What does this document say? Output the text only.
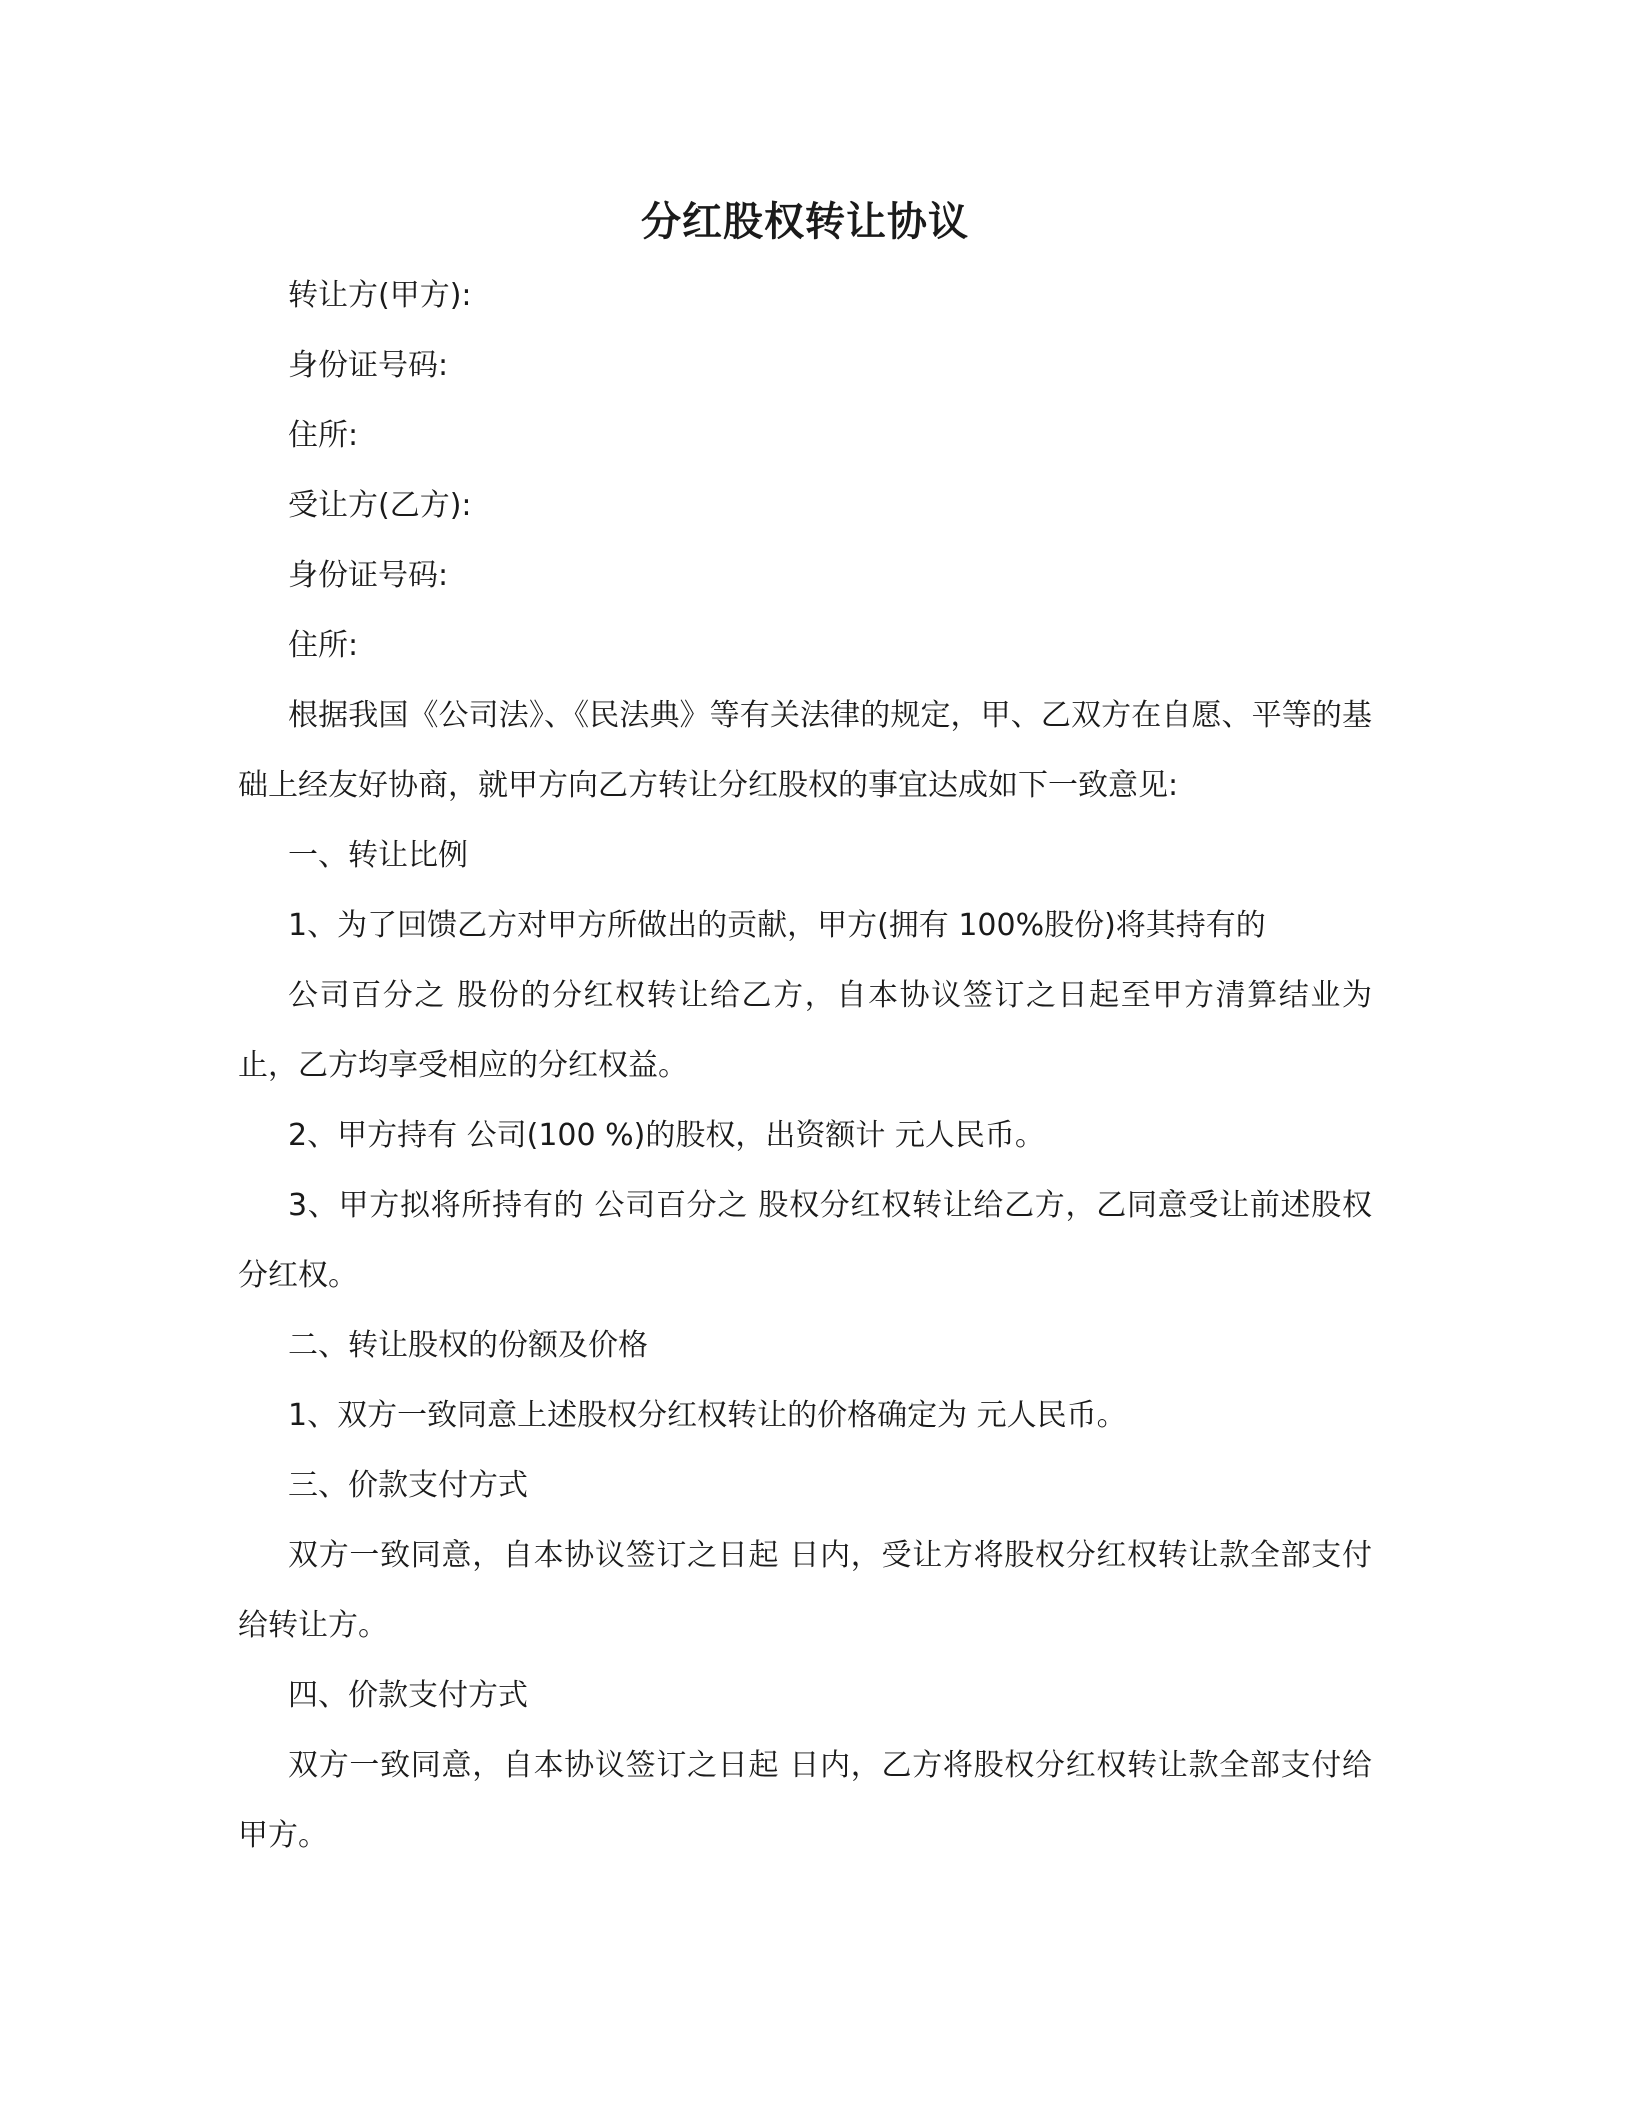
分红股权转让协议

转让方(甲方):

身份证号码:

住所:

受让方(乙方):

身份证号码:

住所:

根据我国《公司法》、《民法典》等有关法律的规定，甲、乙双方在自愿、平等的基础上经友好协商，就甲方向乙方转让分红股权的事宜达成如下一致意见:

一、转让比例

1、为了回馈乙方对甲方所做出的贡献，甲方(拥有 100%股份)将其持有的

公司百分之 股份的分红权转让给乙方，自本协议签订之日起至甲方清算结业为止，乙方均享受相应的分红权益。

2、甲方持有 公司(100 %)的股权，出资额计 元人民币。

3、甲方拟将所持有的 公司百分之 股权分红权转让给乙方，乙同意受让前述股权分红权。

二、转让股权的份额及价格

1、双方一致同意上述股权分红权转让的价格确定为 元人民币。

三、价款支付方式

双方一致同意，自本协议签订之日起 日内，受让方将股权分红权转让款全部支付给转让方。

四、价款支付方式

双方一致同意，自本协议签订之日起 日内，乙方将股权分红权转让款全部支付给甲方。
